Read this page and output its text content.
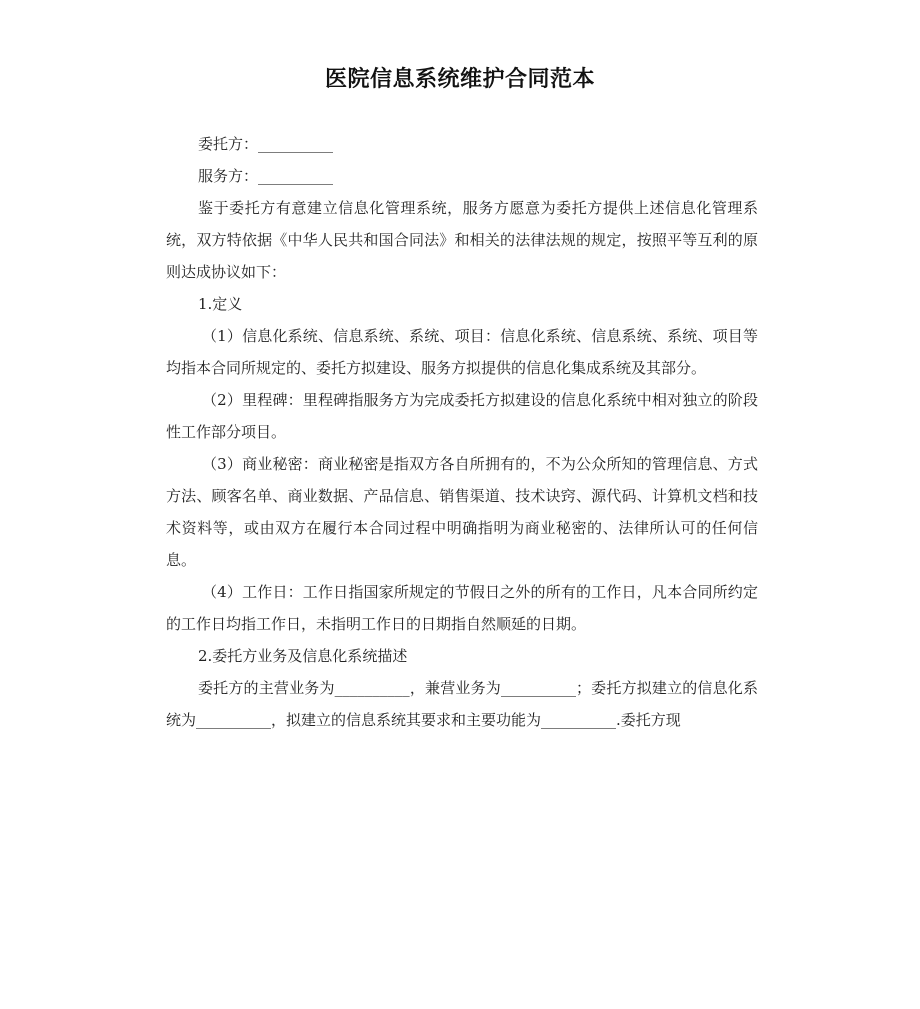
医院信息系统维护合同范本

委托方：__________

服务方：__________

鉴于委托方有意建立信息化管理系统，服务方愿意为委托方提供上述信息化管理系统，双方特依据《中华人民共和国合同法》和相关的法律法规的规定，按照平等互利的原则达成协议如下：

1.定义

（1）信息化系统、信息系统、系统、项目：信息化系统、信息系统、系统、项目等均指本合同所规定的、委托方拟建设、服务方拟提供的信息化集成系统及其部分。

（2）里程碑：里程碑指服务方为完成委托方拟建设的信息化系统中相对独立的阶段性工作部分项目。

（3）商业秘密：商业秘密是指双方各自所拥有的，不为公众所知的管理信息、方式方法、顾客名单、商业数据、产品信息、销售渠道、技术诀窍、源代码、计算机文档和技术资料等，或由双方在履行本合同过程中明确指明为商业秘密的、法律所认可的任何信息。

（4）工作日：工作日指国家所规定的节假日之外的所有的工作日，凡本合同所约定的工作日均指工作日，未指明工作日的日期指自然顺延的日期。

2.委托方业务及信息化系统描述

委托方的主营业务为__________，兼营业务为__________；委托方拟建立的信息化系统为__________，拟建立的信息系统其要求和主要功能为__________.委托方现
